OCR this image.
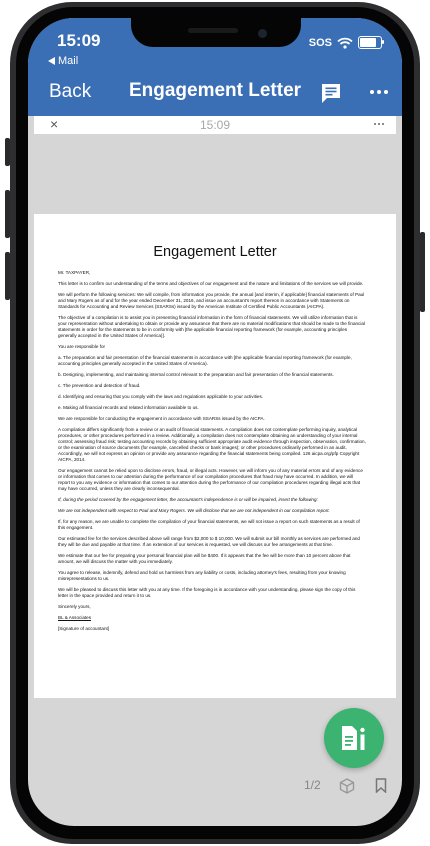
15:09
Mail
SOS
Back	Engagement Letter
×	15:09
Engagement Letter

Mr. TAXPAYER,

This letter is to confirm our understanding of the terms and objectives of our engagement and the nature and limitations of the services we will provide.

We will perform the following services: We will compile, from information you provide, the annual [and interim, if applicable] financial statements of Paul and Mary Rogers as of and for the year ended December 31, 2016, and issue an accountant's report thereon in accordance with Statements on Standards for Accounting and Review Services (SSARSs) issued by the American Institute of Certified Public Accountants (AICPA).

The objective of a compilation is to assist you in presenting financial information in the form of financial statements. We will utilize information that is your representation without undertaking to obtain or provide any assurance that there are no material modifications that should be made to the financial statements in order for the statements to be in conformity with [the applicable financial reporting framework (for example, accounting principles generally accepted in the United States of America)].

You are responsible for

a. The preparation and fair presentation of the financial statements in accordance with [the applicable financial reporting framework (for example, accounting principles generally accepted in the United States of America).

b. Designing, implementing, and maintaining internal control relevant to the preparation and fair presentation of the financial statements.

c. The prevention and detection of fraud.

d. Identifying and ensuring that you comply with the laws and regulations applicable to your activities.

e. Making all financial records and related information available to us.

We are responsible for conducting the engagement in accordance with SSARSs issued by the AICPA.

A compilation differs significantly from a review or an audit of financial statements. A compilation does not contemplate performing inquiry, analytical procedures, or other procedures performed in a review. Additionally, a compilation does not contemplate obtaining an understanding of your internal control; assessing fraud risk; testing accounting records by obtaining sufficient appropriate audit evidence through inspection, observation, confirmation, or the examination of source documents (for example, cancelled checks or bank images); or other procedures ordinarily performed in an audit. Accordingly, we will not express an opinion or provide any assurance regarding the financial statements being compiled. 126 aicpa.org/pfp Copyright AICPA, 2014.

Our engagement cannot be relied upon to disclose errors, fraud, or illegal acts. However, we will inform you of any material errors and of any evidence or information that comes to our attention during the performance of our compilation procedures that fraud may have occurred. In addition, we will report to you any evidence or information that comes to our attention during the performance of our compilation procedures regarding illegal acts that may have occurred, unless they are clearly inconsequential.

If, during the period covered by the engagement letter, the accountant's independence is or will be impaired, insert the following:

We are not independent with respect to Paul and Mary Rogers. We will disclose that we are not independent in our compilation report.

If, for any reason, we are unable to complete the compilation of your financial statements, we will not issue a report on such statements as a result of this engagement.

Our estimated fee for the services described above will range from $2,000 to $ 10,000. We will submit our bill monthly as services are performed and they will be due and payable at that time. If an extension of our services is requested, we will discuss our fee arrangements at that time.

We estimate that our fee for preparing your personal financial plan will be $400. If it appears that the fee will be more than 10 percent above that amount, we will discuss the matter with you immediately.

You agree to release, indemnify, defend and hold us harmless from any liability or costs, including attorney's fees, resulting from your knowing misrepresentations to us.

We will be pleased to discuss this letter with you at any time. If the foregoing is in accordance with your understanding, please sign the copy of this letter in the space provided and return it to us.

Sincerely yours,

BL & Associates

[Signature of accountant]

1/2
